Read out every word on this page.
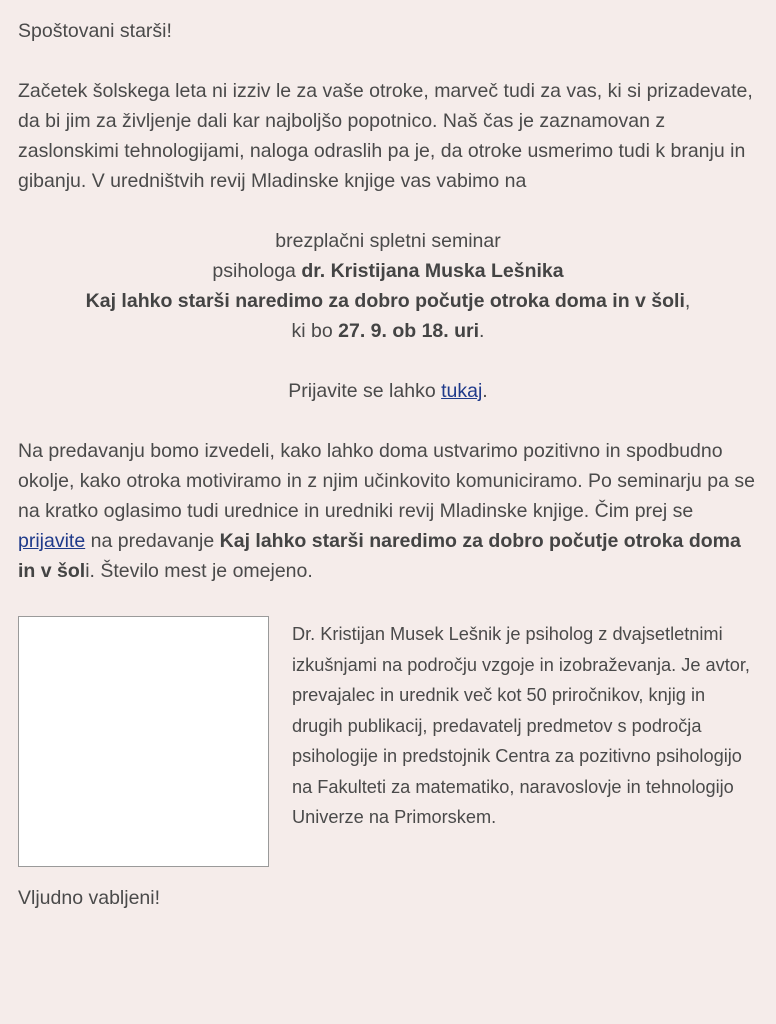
Spoštovani starši!

Začetek šolskega leta ni izziv le za vaše otroke, marveč tudi za vas, ki si prizadevate, da bi jim za življenje dali kar najboljšo popotnico. Naš čas je zaznamovan z zaslonskimi tehnologijami, naloga odraslih pa je, da otroke usmerimo tudi k branju in gibanju. V uredništvih revij Mladinske knjige vas vabimo na

brezplačni spletni seminar
psihologa dr. Kristijana Muska Lešnika
Kaj lahko starši naredimo za dobro počutje otroka doma in v šoli,
ki bo 27. 9. ob 18. uri.

Prijavite se lahko tukaj.

Na predavanju bomo izvedeli, kako lahko doma ustvarimo pozitivno in spodbudno okolje, kako otroka motiviramo in z njim učinkovito komuniciramo. Po seminarju pa se na kratko oglasimo tudi urednice in uredniki revij Mladinske knjige. Čim prej se prijavite na predavanje Kaj lahko starši naredimo za dobro počutje otroka doma in v šoli. Število mest je omejeno.

Dr. Kristijan Musek Lešnik je psiholog z dvajsetletnimi izkušnjami na področju vzgoje in izobraževanja. Je avtor, prevajalec in urednik več kot 50 priročnikov, knjig in drugih publikacij, predavatelj predmetov s področja psihologije in predstojnik Centra za pozitivno psihologijo na Fakulteti za matematiko, naravoslovje in tehnologijo Univerze na Primorskem.

Vljudno vabljeni!
